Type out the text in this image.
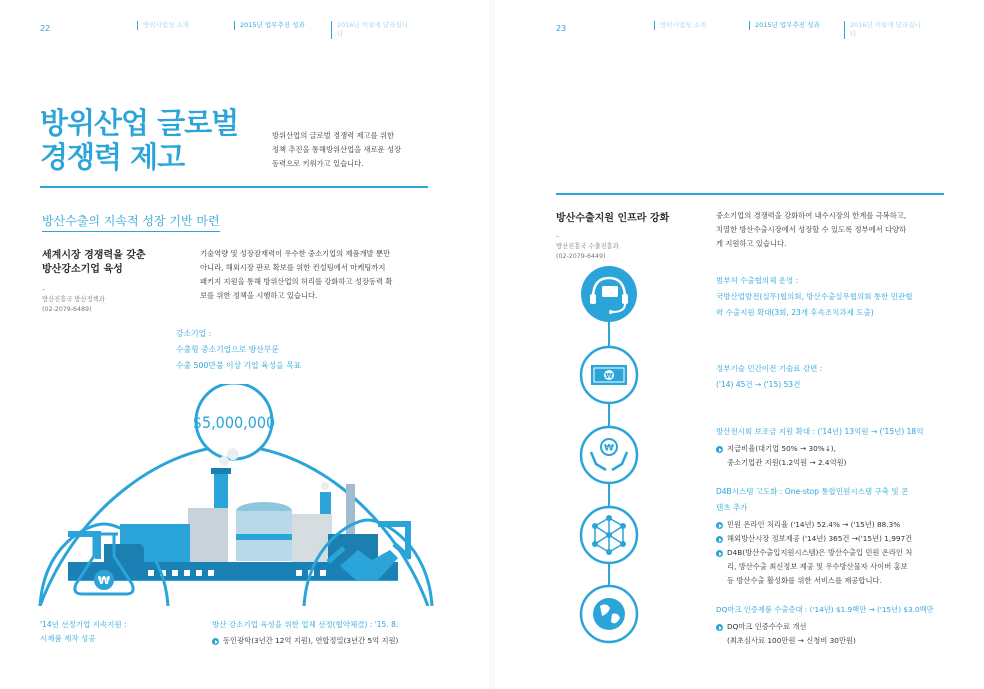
22	방위사업청 소개	2015년 업무추진 성과	2016년 이렇게 달라집니다
방위산업 글로벌
경쟁력 제고
방위산업의 글로벌 경쟁력 제고를 위한
정책 추진을 통해방위산업을 새로운 성장
동력으로 키워가고 있습니다.
방산수출의 지속적 성장 기반 마련
세계시장 경쟁력을 갖춘
방산강소기업 육성
–
방산진흥국 방산정책과
(02-2079-6489)
기술역량 및 성장잠재력이 우수한 중소기업의 제품개발 뿐만
아니라, 해외시장 판로 확보를 위한 컨설팅에서 마케팅까지
패키지 지원을 통해 방위산업의 허리를 강화하고 성장동력 확
보를 위한 정책을 시행하고 있습니다.
강소기업 :
수출형 중소기업으로 방산부문
수출 500만불 이상 기업 육성을 목표
$5,000,000
₩
'14년 선정기업 지속지원 :
시제품 제작 성공
방산 강소기업 육성을 위한 업체 선정(협약체결) : '15. 8.
동인광학(3년간 12억 지원), 연합정밀(3년간 5억 지원)
23	방위사업청 소개	2015년 업무추진 성과	2016년 이렇게 달라집니다
방산수출지원 인프라 강화
–
방산진흥국 수출진흥과
(02-2079-6449)
₩
₩
중소기업의 경쟁력을 강화하여 내수시장의 한계를 극복하고,
치열한 방산수출시장에서 성장할 수 있도록 정부에서 다양하
게 지원하고 있습니다.
범부처 수출협의체 운영 :
국방산업발전(실무)협의회, 방산수출실무협의회 통한 민관협
력 수출지원 확대(3회, 23개 후속조치과제 도출)
정부기술 민간이전 기술료 감면 :
('14) 45건 → ('15) 53건
방산전시회 보조금 지원 확대 : ('14년) 13억원 → ('15년) 18억
지급비율(대기업 50% → 30%↓),
중소기업관 지원(1.2억원 → 2.4억원)
D4B시스템 고도화 : One-stop 통합민원시스템 구축 및 콘
텐츠 추가
민원 온라인 처리율 ('14년) 52.4% → ('15년) 88.3%
해외방산시장 정보제공 ('14년) 365건 →('15년) 1,997건
D4B(방산수출입지원시스템)은 방산수출입 민원 온라인 처
리, 방산수출 최신정보 제공 및 우수방산물자 사이버 홍보
등 방산수출 활성화를 위한 서비스를 제공합니다.
DQ마크 인증제품 수출증대 : ('14년) $1.9백만 → ('15년) $3.0백만
DQ마크 인증수수료 개선
(최초심사료 100만원 → 신청비 30만원)
